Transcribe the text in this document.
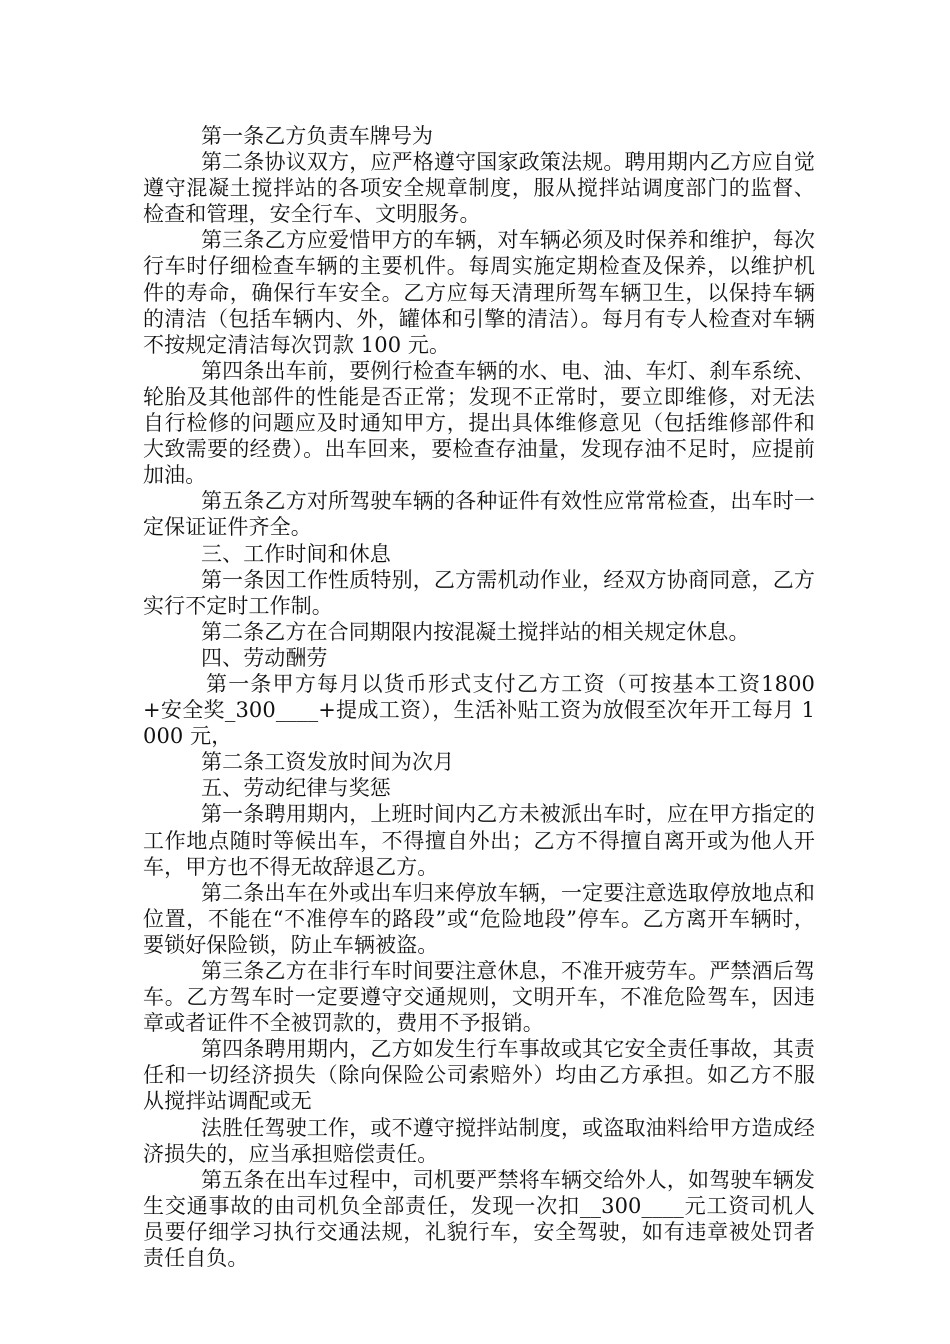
第一条乙方负责车牌号为

第二条协议双方，应严格遵守国家政策法规。聘用期内乙方应自觉遵守混凝土搅拌站的各项安全规章制度，服从搅拌站调度部门的监督、检查和管理，安全行车、文明服务。

第三条乙方应爱惜甲方的车辆，对车辆必须及时保养和维护，每次行车时仔细检查车辆的主要机件。每周实施定期检查及保养，以维护机件的寿命，确保行车安全。乙方应每天清理所驾车辆卫生，以保持车辆的清洁（包括车辆内、外，罐体和引擎的清洁）。每月有专人检查对车辆不按规定清洁每次罚款 100 元。

第四条出车前，要例行检查车辆的水、电、油、车灯、刹车系统、轮胎及其他部件的性能是否正常；发现不正常时，要立即维修，对无法自行检修的问题应及时通知甲方，提出具体维修意见（包括维修部件和大致需要的经费）。出车回来，要检查存油量，发现存油不足时，应提前加油。

第五条乙方对所驾驶车辆的各种证件有效性应常常检查，出车时一定保证证件齐全。

三、工作时间和休息

第一条因工作性质特别，乙方需机动作业，经双方协商同意，乙方实行不定时工作制。

第二条乙方在合同期限内按混凝土搅拌站的相关规定休息。

四、劳动酬劳

第一条甲方每月以货币形式支付乙方工资（可按基本工资1800+安全奖_300____+提成工资），生活补贴工资为放假至次年开工每月 1000 元，

第二条工资发放时间为次月

五、劳动纪律与奖惩

第一条聘用期内，上班时间内乙方未被派出车时，应在甲方指定的工作地点随时等候出车，不得擅自外出；乙方不得擅自离开或为他人开车，甲方也不得无故辞退乙方。

第二条出车在外或出车归来停放车辆，一定要注意选取停放地点和位置，不能在“不准停车的路段”或“危险地段”停车。乙方离开车辆时，要锁好保险锁，防止车辆被盗。

第三条乙方在非行车时间要注意休息，不准开疲劳车。严禁酒后驾车。乙方驾车时一定要遵守交通规则，文明开车，不准危险驾车，因违章或者证件不全被罚款的，费用不予报销。

第四条聘用期内，乙方如发生行车事故或其它安全责任事故，其责任和一切经济损失（除向保险公司索赔外）均由乙方承担。如乙方不服从搅拌站调配或无

法胜任驾驶工作，或不遵守搅拌站制度，或盗取油料给甲方造成经济损失的，应当承担赔偿责任。

第五条在出车过程中，司机要严禁将车辆交给外人，如驾驶车辆发生交通事故的由司机负全部责任，发现一次扣__300____元工资司机人员要仔细学习执行交通法规，礼貌行车，安全驾驶，如有违章被处罚者责任自负。
